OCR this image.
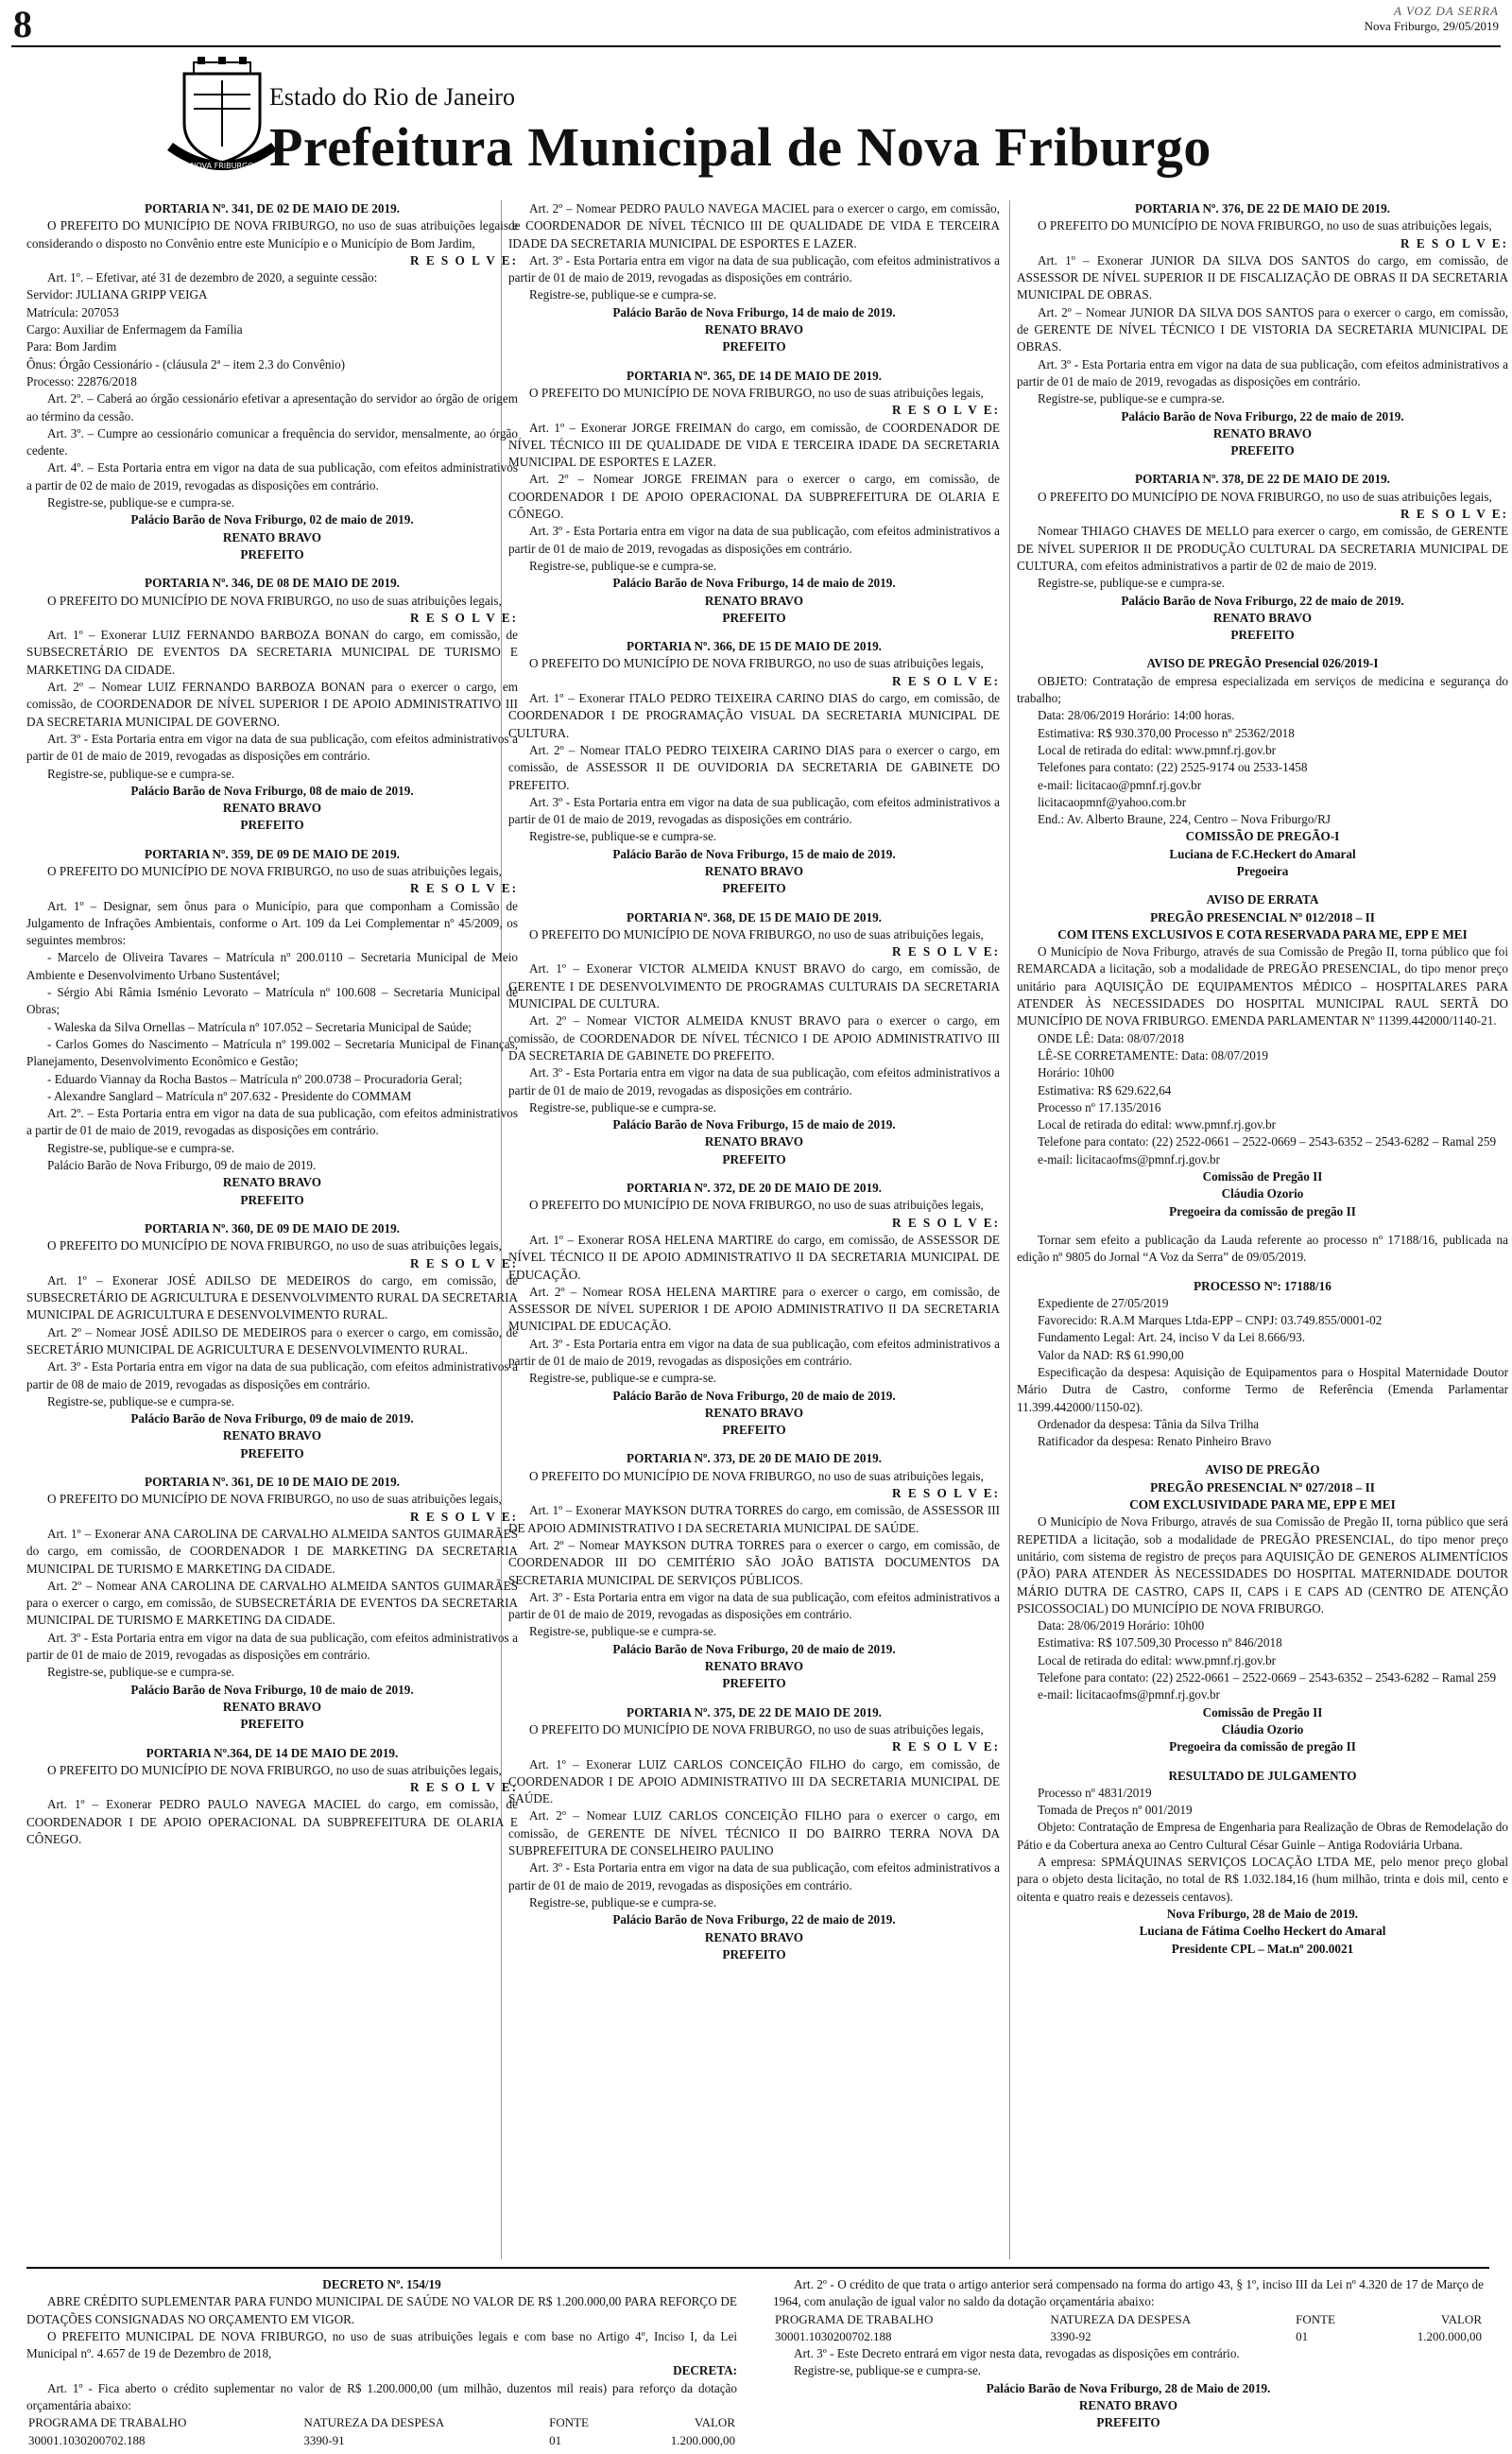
8	A VOZ DA SERRA
Nova Friburgo, 29/05/2019
NOVA FRIBURGO
Estado do Rio de Janeiro
Prefeitura Municipal de Nova Friburgo

PORTARIA Nº. 341, DE 02 DE MAIO DE 2019.

O PREFEITO DO MUNICÍPIO DE NOVA FRIBURGO, no uso de suas atribuições legais e considerando o disposto no Convênio entre este Município e o Município de Bom Jardim,

R E S O L V E:

Art. 1º. – Efetivar, até 31 de dezembro de 2020, a seguinte cessão:

Servidor: JULIANA GRIPP VEIGA

Matrícula: 207053

Cargo: Auxiliar de Enfermagem da Família

Para: Bom Jardim

Ônus: Órgão Cessionário - (cláusula 2ª – item 2.3 do Convênio)

Processo: 22876/2018

Art. 2º. – Caberá ao órgão cessionário efetivar a apresentação do servidor ao órgão de origem ao término da cessão.

Art. 3º. – Cumpre ao cessionário comunicar a frequência do servidor, mensalmente, ao órgão cedente.

Art. 4º. – Esta Portaria entra em vigor na data de sua publicação, com efeitos administrativos a partir de 02 de maio de 2019, revogadas as disposições em contrário.

Registre-se, publique-se e cumpra-se.

Palácio Barão de Nova Friburgo, 02 de maio de 2019.

RENATO BRAVO

PREFEITO

PORTARIA Nº. 346, DE 08 DE MAIO DE 2019.

O PREFEITO DO MUNICÍPIO DE NOVA FRIBURGO, no uso de suas atribuições legais,

R E S O L V E:

Art. 1º – Exonerar LUIZ FERNANDO BARBOZA BONAN do cargo, em comissão, de SUBSECRETÁRIO DE EVENTOS DA SECRETARIA MUNICIPAL DE TURISMO E MARKETING DA CIDADE.

Art. 2º – Nomear LUIZ FERNANDO BARBOZA BONAN para o exercer o cargo, em comissão, de COORDENADOR DE NÍVEL SUPERIOR I DE APOIO ADMINISTRATIVO III DA SECRETARIA MUNICIPAL DE GOVERNO.

Art. 3º - Esta Portaria entra em vigor na data de sua publicação, com efeitos administrativos a partir de 01 de maio de 2019, revogadas as disposições em contrário.

Registre-se, publique-se e cumpra-se.

Palácio Barão de Nova Friburgo, 08 de maio de 2019.

RENATO BRAVO

PREFEITO

PORTARIA Nº. 359, DE 09 DE MAIO DE 2019.

O PREFEITO DO MUNICÍPIO DE NOVA FRIBURGO, no uso de suas atribuições legais,

R E S O L V E:

Art. 1º – Designar, sem ônus para o Município, para que componham a Comissão de Julgamento de Infrações Ambientais, conforme o Art. 109 da Lei Complementar nº 45/2009, os seguintes membros:

- Marcelo de Oliveira Tavares – Matrícula nº 200.0110 – Secretaria Municipal de Meio Ambiente e Desenvolvimento Urbano Sustentável;

- Sérgio Abi Râmia Isménio Levorato – Matrícula nº 100.608 – Secretaria Municipal de Obras;

- Waleska da Silva Ornellas – Matrícula nº 107.052 – Secretaria Municipal de Saúde;

- Carlos Gomes do Nascimento – Matrícula nº 199.002 – Secretaria Municipal de Finanças, Planejamento, Desenvolvimento Econômico e Gestão;

- Eduardo Viannay da Rocha Bastos – Matrícula nº 200.0738 – Procuradoria Geral;

- Alexandre Sanglard – Matrícula nº 207.632 - Presidente do COMMAM

Art. 2º. – Esta Portaria entra em vigor na data de sua publicação, com efeitos administrativos a partir de 01 de maio de 2019, revogadas as disposições em contrário.

Registre-se, publique-se e cumpra-se.

Palácio Barão de Nova Friburgo, 09 de maio de 2019.

RENATO BRAVO

PREFEITO

PORTARIA Nº. 360, DE 09 DE MAIO DE 2019.

O PREFEITO DO MUNICÍPIO DE NOVA FRIBURGO, no uso de suas atribuições legais,

R E S O L V E:

Art. 1º – Exonerar JOSÉ ADILSO DE MEDEIROS do cargo, em comissão, de SUBSECRETÁRIO DE AGRICULTURA E DESENVOLVIMENTO RURAL DA SECRETARIA MUNICIPAL DE AGRICULTURA E DESENVOLVIMENTO RURAL.

Art. 2º – Nomear JOSÉ ADILSO DE MEDEIROS para o exercer o cargo, em comissão, de SECRETÁRIO MUNICIPAL DE AGRICULTURA E DESENVOLVIMENTO RURAL.

Art. 3º - Esta Portaria entra em vigor na data de sua publicação, com efeitos administrativos a partir de 08 de maio de 2019, revogadas as disposições em contrário.

Registre-se, publique-se e cumpra-se.

Palácio Barão de Nova Friburgo, 09 de maio de 2019.

RENATO BRAVO

PREFEITO

PORTARIA Nº. 361, DE 10 DE MAIO DE 2019.

O PREFEITO DO MUNICÍPIO DE NOVA FRIBURGO, no uso de suas atribuições legais,

R E S O L V E:

Art. 1º – Exonerar ANA CAROLINA DE CARVALHO ALMEIDA SANTOS GUIMARÃES do cargo, em comissão, de COORDENADOR I DE MARKETING DA SECRETARIA MUNICIPAL DE TURISMO E MARKETING DA CIDADE.

Art. 2º – Nomear ANA CAROLINA DE CARVALHO ALMEIDA SANTOS GUIMARÃES para o exercer o cargo, em comissão, de SUBSECRETÁRIA DE EVENTOS DA SECRETARIA MUNICIPAL DE TURISMO E MARKETING DA CIDADE.

Art. 3º - Esta Portaria entra em vigor na data de sua publicação, com efeitos administrativos a partir de 01 de maio de 2019, revogadas as disposições em contrário.

Registre-se, publique-se e cumpra-se.

Palácio Barão de Nova Friburgo, 10 de maio de 2019.

RENATO BRAVO

PREFEITO

PORTARIA Nº.364, DE 14 DE MAIO DE 2019.

O PREFEITO DO MUNICÍPIO DE NOVA FRIBURGO, no uso de suas atribuições legais,

R E S O L V E:

Art. 1º – Exonerar PEDRO PAULO NAVEGA MACIEL do cargo, em comissão, de COORDENADOR I DE APOIO OPERACIONAL DA SUBPREFEITURA DE OLARIA E CÔNEGO.

Art. 2º – Nomear PEDRO PAULO NAVEGA MACIEL para o exercer o cargo, em comissão, de COORDENADOR DE NÍVEL TÉCNICO III DE QUALIDADE DE VIDA E TERCEIRA IDADE DA SECRETARIA MUNICIPAL DE ESPORTES E LAZER.

Art. 3º - Esta Portaria entra em vigor na data de sua publicação, com efeitos administrativos a partir de 01 de maio de 2019, revogadas as disposições em contrário.

Registre-se, publique-se e cumpra-se.

Palácio Barão de Nova Friburgo, 14 de maio de 2019.

RENATO BRAVO

PREFEITO

PORTARIA Nº. 365, DE 14 DE MAIO DE 2019.

O PREFEITO DO MUNICÍPIO DE NOVA FRIBURGO, no uso de suas atribuições legais,

R E S O L V E:

Art. 1º – Exonerar JORGE FREIMAN do cargo, em comissão, de COORDENADOR DE NÍVEL TÉCNICO III DE QUALIDADE DE VIDA E TERCEIRA IDADE DA SECRETARIA MUNICIPAL DE ESPORTES E LAZER.

Art. 2º – Nomear JORGE FREIMAN para o exercer o cargo, em comissão, de COORDENADOR I DE APOIO OPERACIONAL DA SUBPREFEITURA DE OLARIA E CÔNEGO.

Art. 3º - Esta Portaria entra em vigor na data de sua publicação, com efeitos administrativos a partir de 01 de maio de 2019, revogadas as disposições em contrário.

Registre-se, publique-se e cumpra-se.

Palácio Barão de Nova Friburgo, 14 de maio de 2019.

RENATO BRAVO

PREFEITO

PORTARIA Nº. 366, DE 15 DE MAIO DE 2019.

O PREFEITO DO MUNICÍPIO DE NOVA FRIBURGO, no uso de suas atribuições legais,

R E S O L V E:

Art. 1º – Exonerar ITALO PEDRO TEIXEIRA CARINO DIAS do cargo, em comissão, de COORDENADOR I DE PROGRAMAÇÃO VISUAL DA SECRETARIA MUNICIPAL DE CULTURA.

Art. 2º – Nomear ITALO PEDRO TEIXEIRA CARINO DIAS para o exercer o cargo, em comissão, de ASSESSOR II DE OUVIDORIA DA SECRETARIA DE GABINETE DO PREFEITO.

Art. 3º - Esta Portaria entra em vigor na data de sua publicação, com efeitos administrativos a partir de 01 de maio de 2019, revogadas as disposições em contrário.

Registre-se, publique-se e cumpra-se.

Palácio Barão de Nova Friburgo, 15 de maio de 2019.

RENATO BRAVO

PREFEITO

PORTARIA Nº. 368, DE 15 DE MAIO DE 2019.

O PREFEITO DO MUNICÍPIO DE NOVA FRIBURGO, no uso de suas atribuições legais,

R E S O L V E:

Art. 1º – Exonerar VICTOR ALMEIDA KNUST BRAVO do cargo, em comissão, de GERENTE I DE DESENVOLVIMENTO DE PROGRAMAS CULTURAIS DA SECRETARIA MUNICIPAL DE CULTURA.

Art. 2º – Nomear VICTOR ALMEIDA KNUST BRAVO para o exercer o cargo, em comissão, de COORDENADOR DE NÍVEL TÉCNICO I DE APOIO ADMINISTRATIVO III DA SECRETARIA DE GABINETE DO PREFEITO.

Art. 3º - Esta Portaria entra em vigor na data de sua publicação, com efeitos administrativos a partir de 01 de maio de 2019, revogadas as disposições em contrário.

Registre-se, publique-se e cumpra-se.

Palácio Barão de Nova Friburgo, 15 de maio de 2019.

RENATO BRAVO

PREFEITO

PORTARIA Nº. 372, DE 20 DE MAIO DE 2019.

O PREFEITO DO MUNICÍPIO DE NOVA FRIBURGO, no uso de suas atribuições legais,

R E S O L V E:

Art. 1º – Exonerar ROSA HELENA MARTIRE do cargo, em comissão, de ASSESSOR DE NÍVEL TÉCNICO II DE APOIO ADMINISTRATIVO II DA SECRETARIA MUNICIPAL DE EDUCAÇÃO.

Art. 2º – Nomear ROSA HELENA MARTIRE para o exercer o cargo, em comissão, de ASSESSOR DE NÍVEL SUPERIOR I DE APOIO ADMINISTRATIVO II DA SECRETARIA MUNICIPAL DE EDUCAÇÃO.

Art. 3º - Esta Portaria entra em vigor na data de sua publicação, com efeitos administrativos a partir de 01 de maio de 2019, revogadas as disposições em contrário.

Registre-se, publique-se e cumpra-se.

Palácio Barão de Nova Friburgo, 20 de maio de 2019.

RENATO BRAVO

PREFEITO

PORTARIA Nº. 373, DE 20 DE MAIO DE 2019.

O PREFEITO DO MUNICÍPIO DE NOVA FRIBURGO, no uso de suas atribuições legais,

R E S O L V E:

Art. 1º – Exonerar MAYKSON DUTRA TORRES do cargo, em comissão, de ASSESSOR III DE APOIO ADMINISTRATIVO I DA SECRETARIA MUNICIPAL DE SAÚDE.

Art. 2º – Nomear MAYKSON DUTRA TORRES para o exercer o cargo, em comissão, de COORDENADOR III DO CEMITÉRIO SÃO JOÃO BATISTA DOCUMENTOS DA SECRETARIA MUNICIPAL DE SERVIÇOS PÚBLICOS.

Art. 3º - Esta Portaria entra em vigor na data de sua publicação, com efeitos administrativos a partir de 01 de maio de 2019, revogadas as disposições em contrário.

Registre-se, publique-se e cumpra-se.

Palácio Barão de Nova Friburgo, 20 de maio de 2019.

RENATO BRAVO

PREFEITO

PORTARIA Nº. 375, DE 22 DE MAIO DE 2019.

O PREFEITO DO MUNICÍPIO DE NOVA FRIBURGO, no uso de suas atribuições legais,

R E S O L V E:

Art. 1º – Exonerar LUIZ CARLOS CONCEIÇÃO FILHO do cargo, em comissão, de COORDENADOR I DE APOIO ADMINISTRATIVO III DA SECRETARIA MUNICIPAL DE SAÚDE.

Art. 2º – Nomear LUIZ CARLOS CONCEIÇÃO FILHO para o exercer o cargo, em comissão, de GERENTE DE NÍVEL TÉCNICO II DO BAIRRO TERRA NOVA DA SUBPREFEITURA DE CONSELHEIRO PAULINO

Art. 3º - Esta Portaria entra em vigor na data de sua publicação, com efeitos administrativos a partir de 01 de maio de 2019, revogadas as disposições em contrário.

Registre-se, publique-se e cumpra-se.

Palácio Barão de Nova Friburgo, 22 de maio de 2019.

RENATO BRAVO

PREFEITO

PORTARIA Nº. 376, DE 22 DE MAIO DE 2019.

O PREFEITO DO MUNICÍPIO DE NOVA FRIBURGO, no uso de suas atribuições legais,

R E S O L V E:

Art. 1º – Exonerar JUNIOR DA SILVA DOS SANTOS do cargo, em comissão, de ASSESSOR DE NÍVEL SUPERIOR II DE FISCALIZAÇÃO DE OBRAS II DA SECRETARIA MUNICIPAL DE OBRAS.

Art. 2º – Nomear JUNIOR DA SILVA DOS SANTOS para o exercer o cargo, em comissão, de GERENTE DE NÍVEL TÉCNICO I DE VISTORIA DA SECRETARIA MUNICIPAL DE OBRAS.

Art. 3º - Esta Portaria entra em vigor na data de sua publicação, com efeitos administrativos a partir de 01 de maio de 2019, revogadas as disposições em contrário.

Registre-se, publique-se e cumpra-se.

Palácio Barão de Nova Friburgo, 22 de maio de 2019.

RENATO BRAVO

PREFEITO

PORTARIA Nº. 378, DE 22 DE MAIO DE 2019.

O PREFEITO DO MUNICÍPIO DE NOVA FRIBURGO, no uso de suas atribuições legais,

R E S O L V E:

Nomear THIAGO CHAVES DE MELLO para exercer o cargo, em comissão, de GERENTE DE NÍVEL SUPERIOR II DE PRODUÇÃO CULTURAL DA SECRETARIA MUNICIPAL DE CULTURA, com efeitos administrativos a partir de 02 de maio de 2019.

Registre-se, publique-se e cumpra-se.

Palácio Barão de Nova Friburgo, 22 de maio de 2019.

RENATO BRAVO

PREFEITO

AVISO DE PREGÃO Presencial 026/2019-I

OBJETO: Contratação de empresa especializada em serviços de medicina e segurança do trabalho;

Data: 28/06/2019 Horário: 14:00 horas.

Estimativa: R$ 930.370,00 Processo nº 25362/2018

Local de retirada do edital: www.pmnf.rj.gov.br

Telefones para contato: (22) 2525-9174 ou 2533-1458

e-mail: licitacao@pmnf.rj.gov.br

licitacaopmnf@yahoo.com.br

End.: Av. Alberto Braune, 224, Centro – Nova Friburgo/RJ

COMISSÃO DE PREGÃO-I

Luciana de F.C.Heckert do Amaral

Pregoeira

AVISO DE ERRATA

PREGÃO PRESENCIAL Nº 012/2018 – II

COM ITENS EXCLUSIVOS E COTA RESERVADA PARA ME, EPP E MEI

O Município de Nova Friburgo, através de sua Comissão de Pregão II, torna público que foi REMARCADA a licitação, sob a modalidade de PREGÃO PRESENCIAL, do tipo menor preço unitário para AQUISIÇÃO DE EQUIPAMENTOS MÉDICO – HOSPITALARES PARA ATENDER ÀS NECESSIDADES DO HOSPITAL MUNICIPAL RAUL SERTÃ DO MUNICÍPIO DE NOVA FRIBURGO. EMENDA PARLAMENTAR Nº 11399.442000/1140-21.

ONDE LÊ: Data: 08/07/2018

LÊ-SE CORRETAMENTE: Data: 08/07/2019

Horário: 10h00

Estimativa: R$ 629.622,64

Processo nº 17.135/2016

Local de retirada do edital: www.pmnf.rj.gov.br

Telefone para contato: (22) 2522-0661 – 2522-0669 – 2543-6352 – 2543-6282 – Ramal 259

e-mail: licitacaofms@pmnf.rj.gov.br

Comissão de Pregão II

Cláudia Ozorio

Pregoeira da comissão de pregão II

Tornar sem efeito a publicação da Lauda referente ao processo nº 17188/16, publicada na edição nº 9805 do Jornal “A Voz da Serra” de 09/05/2019.

PROCESSO Nº: 17188/16

Expediente de 27/05/2019

Favorecido: R.A.M Marques Ltda-EPP – CNPJ: 03.749.855/0001-02

Fundamento Legal: Art. 24, inciso V da Lei 8.666/93.

Valor da NAD: R$ 61.990,00

Especificação da despesa: Aquisição de Equipamentos para o Hospital Maternidade Doutor Mário Dutra de Castro, conforme Termo de Referência (Emenda Parlamentar 11.399.442000/1150-02).

Ordenador da despesa: Tânia da Silva Trilha

Ratificador da despesa: Renato Pinheiro Bravo

AVISO DE PREGÃO

PREGÃO PRESENCIAL Nº 027/2018 – II

COM EXCLUSIVIDADE PARA ME, EPP E MEI

O Município de Nova Friburgo, através de sua Comissão de Pregão II, torna público que será REPETIDA a licitação, sob a modalidade de PREGÃO PRESENCIAL, do tipo menor preço unitário, com sistema de registro de preços para AQUISIÇÃO DE GENEROS ALIMENTÍCIOS (PÃO) PARA ATENDER ÀS NECESSIDADES DO HOSPITAL MATERNIDADE DOUTOR MÁRIO DUTRA DE CASTRO, CAPS II, CAPS i E CAPS AD (CENTRO DE ATENÇÃO PSICOSSOCIAL) DO MUNICÍPIO DE NOVA FRIBURGO.

Data: 28/06/2019 Horário: 10h00

Estimativa: R$ 107.509,30 Processo nº 846/2018

Local de retirada do edital: www.pmnf.rj.gov.br

Telefone para contato: (22) 2522-0661 – 2522-0669 – 2543-6352 – 2543-6282 – Ramal 259

e-mail: licitacaofms@pmnf.rj.gov.br

Comissão de Pregão II

Cláudia Ozorio

Pregoeira da comissão de pregão II

RESULTADO DE JULGAMENTO

Processo nº 4831/2019

Tomada de Preços nº 001/2019

Objeto: Contratação de Empresa de Engenharia para Realização de Obras de Remodelação do Pátio e da Cobertura anexa ao Centro Cultural César Guinle – Antiga Rodoviária Urbana.

A empresa: SPMÁQUINAS SERVIÇOS LOCAÇÃO LTDA ME, pelo menor preço global para o objeto desta licitação, no total de R$ 1.032.184,16 (hum milhão, trinta e dois mil, cento e oitenta e quatro reais e dezesseis centavos).

Nova Friburgo, 28 de Maio de 2019.

Luciana de Fátima Coelho Heckert do Amaral

Presidente CPL – Mat.nº 200.0021

DECRETO Nº. 154/19

ABRE CRÉDITO SUPLEMENTAR PARA FUNDO MUNICIPAL DE SAÚDE NO VALOR DE R$ 1.200.000,00 PARA REFORÇO DE DOTAÇÕES CONSIGNADAS NO ORÇAMENTO EM VIGOR.

O PREFEITO MUNICIPAL DE NOVA FRIBURGO, no uso de suas atribuições legais e com base no Artigo 4º, Inciso I, da Lei Municipal nº. 4.657 de 19 de Dezembro de 2018,

DECRETA:

Art. 1º - Fica aberto o crédito suplementar no valor de R$ 1.200.000,00 (um milhão, duzentos mil reais) para reforço da dotação orçamentária abaixo:

PROGRAMA DE TRABALHO	NATUREZA DA DESPESA	FONTE	VALOR
30001.1030200702.188	3390-91	01	1.200.000,00

Art. 2º - O crédito de que trata o artigo anterior será compensado na forma do artigo 43, § 1º, inciso III da Lei nº 4.320 de 17 de Março de 1964, com anulação de igual valor no saldo da dotação orçamentária abaixo:

PROGRAMA DE TRABALHO	NATUREZA DA DESPESA	FONTE	VALOR
30001.1030200702.188	3390-92	01	1.200.000,00

Art. 3º - Este Decreto entrará em vigor nesta data, revogadas as disposições em contrário.

Registre-se, publique-se e cumpra-se.

Palácio Barão de Nova Friburgo, 28 de Maio de 2019.

RENATO BRAVO

PREFEITO
